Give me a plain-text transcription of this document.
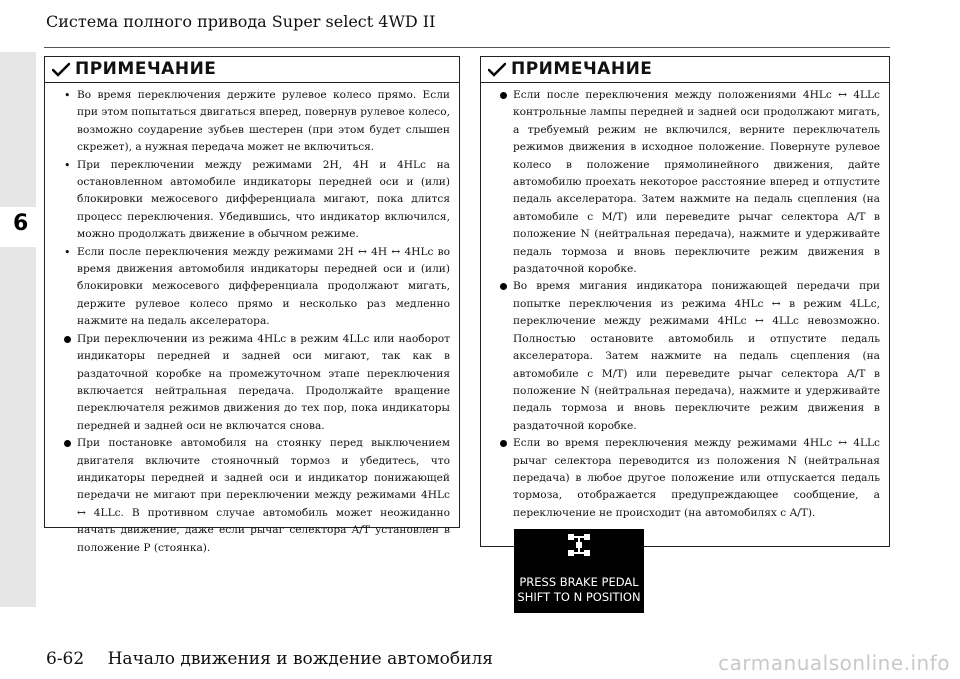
6
Система полного привода Super select 4WD II
ПРИМЕЧАНИЕ

• Во время переключения держите рулевое колесо прямо. Если при этом попытаться двигаться вперед, повернув рулевое колесо, возможно соударение зубьев шестерен (при этом будет слышен скрежет), а нужная передача может не включиться.

• При переключении между режимами 2H, 4H и 4HLc на остановленном автомобиле индикаторы передней оси и (или) блокировки межосевого дифференциала мигают, пока длится процесс переключения. Убедившись, что индикатор включился, можно продолжать движение в обычном режиме.

• Если после переключения между режимами 2H ↔ 4H ↔ 4HLc во время движения автомобиля индикаторы передней оси и (или) блокировки межосевого дифференциала продолжают мигать, держите рулевое колесо прямо и несколько раз медленно нажмите на педаль акселератора.

При переключении из режима 4HLc в режим 4LLc или наоборот индикаторы передней и задней оси мигают, так как в раздаточной коробке на промежуточном этапе переключения включается нейтральная передача. Продолжайте вращение переключателя режимов движения до тех пор, пока индикаторы передней и задней оси не включатся снова.

При постановке автомобиля на стоянку перед выключением двигателя включите стояночный тормоз и убедитесь, что индикаторы передней и задней оси и индикатор понижающей передачи не мигают при переключении между режимами 4HLc ↔ 4LLc. В противном случае автомобиль может неожиданно начать движение, даже если рычаг селектора A/T установлен в положение P (стоянка).

ПРИМЕЧАНИЕ

Если после переключения между положениями 4HLc ↔ 4LLc контрольные лампы передней и задней оси продолжают мигать, а требуемый режим не включился, верните переключатель режимов движения в исходное положение. Повернуте рулевое колесо в положение прямолинейного движения, дайте автомобилю проехать некоторое расстояние вперед и отпустите педаль акселератора. Затем нажмите на педаль сцепления (на автомобиле с M/T) или переведите рычаг селектора A/T в положение N (нейтральная передача), нажмите и удерживайте педаль тормоза и вновь переключите режим движения в раздаточной коробке.

Во время мигания индикатора понижающей передачи при попытке переключения из режима 4HLc ↔ в режим 4LLc, переключение между режимами 4HLc ↔ 4LLc невозможно. Полностью остановите автомобиль и отпустите педаль акселератора. Затем нажмите на педаль сцепления (на автомобиле с M/T) или переведите рычаг селектора A/T в положение N (нейтральная передача), нажмите и удерживайте педаль тормоза и вновь переключите режим движения в раздаточной коробке.

Если во время переключения между режимами 4HLc ↔ 4LLc рычаг селектора переводится из положения N (нейтральная передача) в любое другое положение или отпускается педаль тормоза, отображается предупреждающее сообщение, а переключение не происходит (на автомобилях с A/T).

PRESS BRAKE PEDAL
SHIFT TO N POSITION
6-62 Начало движения и вождение автомобиля	carmanualsonline.info
